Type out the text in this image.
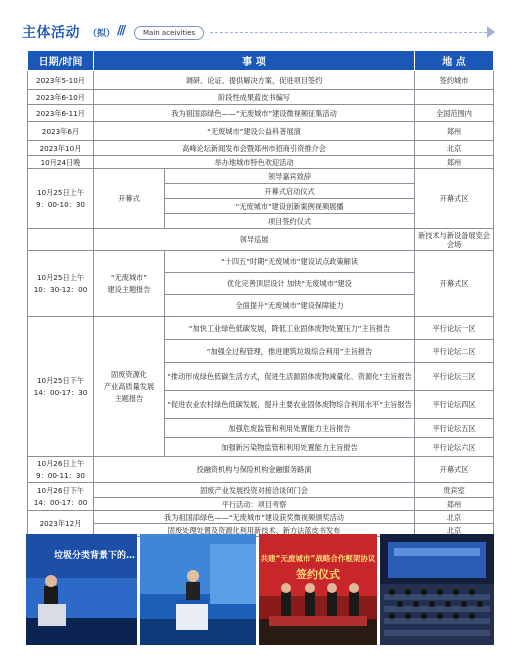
主体活动 （拟） ///	Main aceivities
日期/时间	事 项		地 点
2023年5-10月	调研、论证、提供解决方案，促进项目签约		签约城市
2023年6-10月	阶段性成果蓝皮书编写		
2023年6-11月	我为祖国添绿色——“无废城市”建设微视频征集活动		全国范围内
2023年6月	“无废城市”建设公益科普展演		郑州
2023年10月	高峰论坛新闻发布会暨郑州市招商引资推介会		北京
10月24日晚	举办地城市特色欢迎活动		郑州
10月25日上午
9：00-10：30	开幕式	领导嘉宾致辞	开幕式区
		开幕式启动仪式	
		“无废城市”建设创新案例视频展播	
		项目签约仪式	
	领导巡展		新技术与新设备展览会
会场
10月25日上午
10：30-12：00	“无废城市”
建设主题报告	“十四五”时期“无废城市”建设试点政策解读	开幕式区
		优化完善顶层设计 加快“无废城市”建设	
		全面提升“无废城市”建设保障能力	
10月25日下午
14：00-17：30	固废资源化
产业高质量发展
主题报告	“加快工业绿色低碳发展，降低工业固体废物处置压力”主旨报告	平行论坛一区
		“加强全过程管理，推进建筑垃圾综合利用”主旨报告	平行论坛二区
		“推动形成绿色低碳生活方式，促进生活源固体废物减量化、资源化”主旨报告	平行论坛三区
		“促进农业农村绿色低碳发展，提升主要农业固体废物综合利用水平”主旨报告	平行论坛四区
		加强危废监管和利用处置能力主旨报告	平行论坛五区
		加强新污染物监管和利用处置能力主旨报告	平行论坛六区
10月26日上午
9：00-11：30	投融资机构与保险机构金融服务路演		开幕式区
10月26日下午
14：00-17：00	固废产业发展投资对接洽谈闭门会		贵宾室
	平行活动：项目考察		郑州
2023年12月	我为祖国添绿色——“无废城市”建设获奖微视频颁奖活动		北京
	固废处理处置及资源化利用新技术、新方法蓝皮书发布		北京
垃圾分类背景下的…	共建“无废城市”战略合作框架协议
签约仪式
